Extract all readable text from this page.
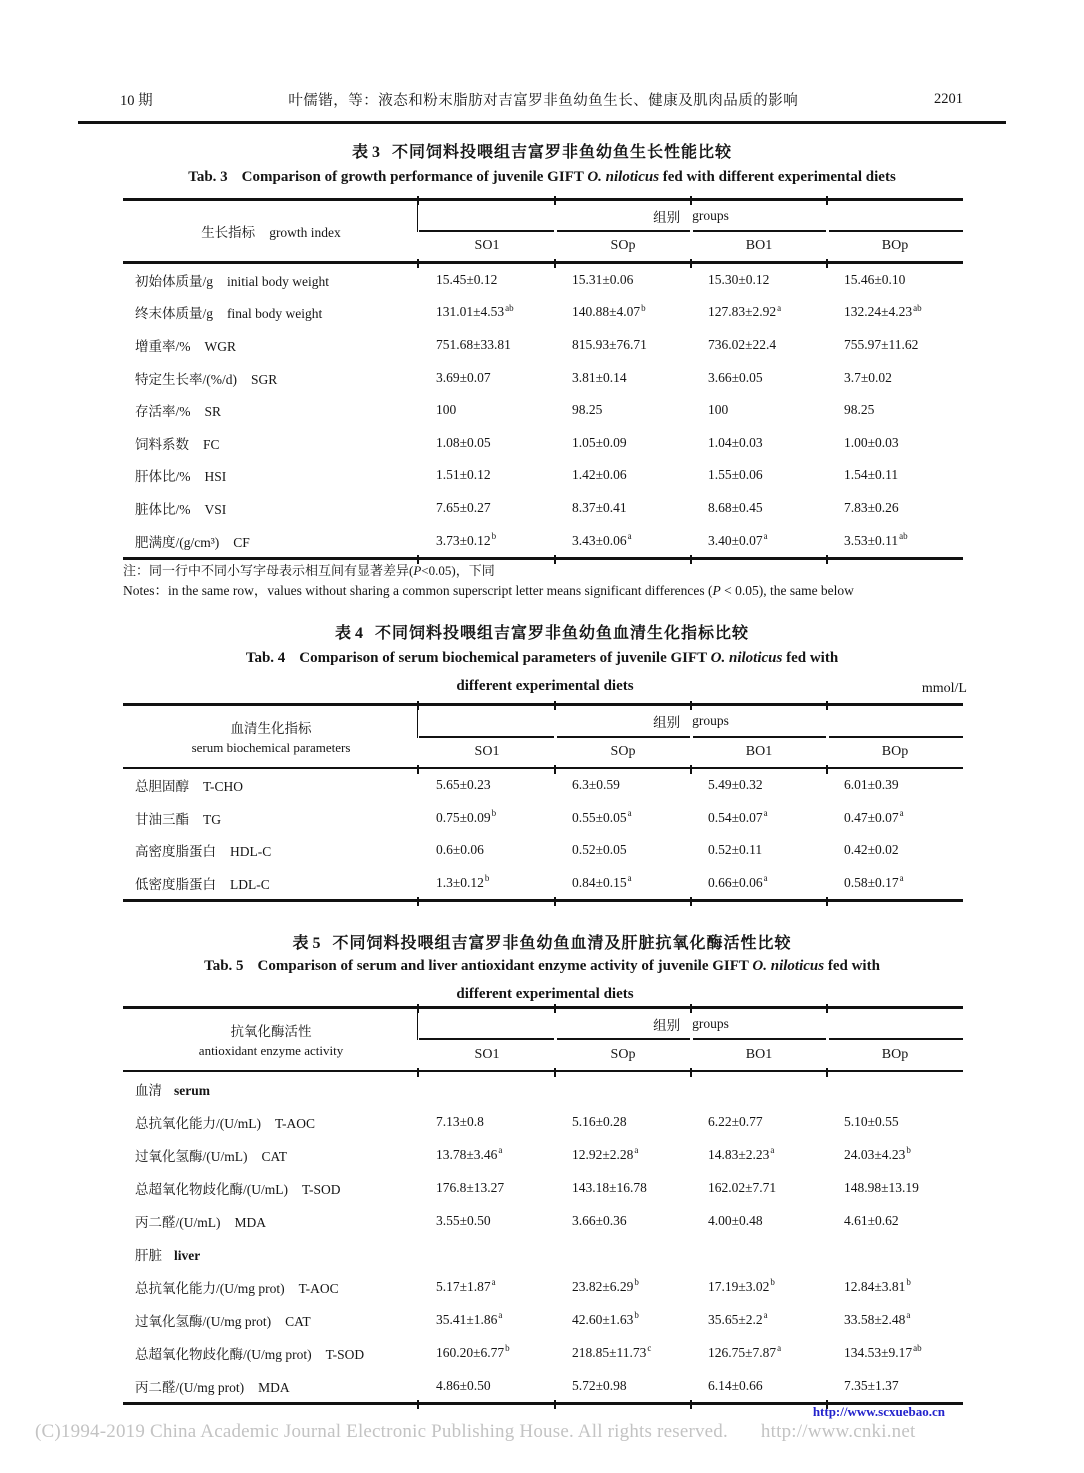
10 期	叶儒锴，等：液态和粉末脂肪对吉富罗非鱼幼鱼生长、健康及肌肉品质的影响	2201
表 3 不同饲料投喂组吉富罗非鱼幼鱼生长性能比较
Tab. 3 Comparison of growth performance of juvenile GIFT O. niloticus fed with different experimental diets
生长指标 growth index
组别 groups
SO1	SOp	BO1	BOp
初始体质量/g initial body weight	15.45±0.12	15.31±0.06	15.30±0.12	15.46±0.10
终末体质量/g final body weight	131.01±4.53$^{ab}$	140.88±4.07$^b$	127.83±2.92$^a$	132.24±4.23$^{ab}$
增重率/% WGR	751.68±33.81	815.93±76.71	736.02±22.4	755.97±11.62
特定生长率/(%/d) SGR	3.69±0.07	3.81±0.14	3.66±0.05	3.7±0.02
存活率/% SR	100	98.25	100	98.25
饲料系数 FC	1.08±0.05	1.05±0.09	1.04±0.03	1.00±0.03
肝体比/% HSI	1.51±0.12	1.42±0.06	1.55±0.06	1.54±0.11
脏体比/% VSI	7.65±0.27	8.37±0.41	8.68±0.45	7.83±0.26
肥满度/(g/cm³) CF	3.73±0.12$^b$	3.43±0.06$^a$	3.40±0.07$^a$	3.53±0.11$^{ab}$
注：同一行中不同小写字母表示相互间有显著差异(P<0.05)，下同
Notes：in the same row，values without sharing a common superscript letter means significant differences (P < 0.05), the same below
表 4 不同饲料投喂组吉富罗非鱼幼鱼血清生化指标比较
Tab. 4 Comparison of serum biochemical parameters of juvenile GIFT O. niloticus fed with
different experimental diets	mmol/L
血清生化指标
serum biochemical parameters
组别 groups
SO1	SOp	BO1	BOp
总胆固醇 T-CHO	5.65±0.23	6.3±0.59	5.49±0.32	6.01±0.39
甘油三酯 TG	0.75±0.09$^b$	0.55±0.05$^a$	0.54±0.07$^a$	0.47±0.07$^a$
高密度脂蛋白 HDL-C	0.6±0.06	0.52±0.05	0.52±0.11	0.42±0.02
低密度脂蛋白 LDL-C	1.3±0.12$^b$	0.84±0.15$^a$	0.66±0.06$^a$	0.58±0.17$^a$
表 5 不同饲料投喂组吉富罗非鱼幼鱼血清及肝脏抗氧化酶活性比较
Tab. 5 Comparison of serum and liver antioxidant enzyme activity of juvenile GIFT O. niloticus fed with
different experimental diets
抗氧化酶活性
antioxidant enzyme activity
组别 groups
SO1	SOp	BO1	BOp
血清 serum
总抗氧化能力/(U/mL) T-AOC	7.13±0.8	5.16±0.28	6.22±0.77	5.10±0.55
过氧化氢酶/(U/mL) CAT	13.78±3.46$^a$	12.92±2.28$^a$	14.83±2.23$^a$	24.03±4.23$^b$
总超氧化物歧化酶/(U/mL) T-SOD	176.8±13.27	143.18±16.78	162.02±7.71	148.98±13.19
丙二醛/(U/mL) MDA	3.55±0.50	3.66±0.36	4.00±0.48	4.61±0.62
肝脏 liver
总抗氧化能力/(U/mg prot) T-AOC	5.17±1.87$^a$	23.82±6.29$^b$	17.19±3.02$^b$	12.84±3.81$^b$
过氧化氢酶/(U/mg prot) CAT	35.41±1.86$^a$	42.60±1.63$^b$	35.65±2.2$^a$	33.58±2.48$^a$
总超氧化物歧化酶/(U/mg prot) T-SOD	160.20±6.77$^b$	218.85±11.73$^c$	126.75±7.87$^a$	134.53±9.17$^{ab}$
丙二醛/(U/mg prot) MDA	4.86±0.50	5.72±0.98	6.14±0.66	7.35±1.37
http://www.scxuebao.cn
(C)1994-2019 China Academic Journal Electronic Publishing House. All rights reserved. http://www.cnki.net
